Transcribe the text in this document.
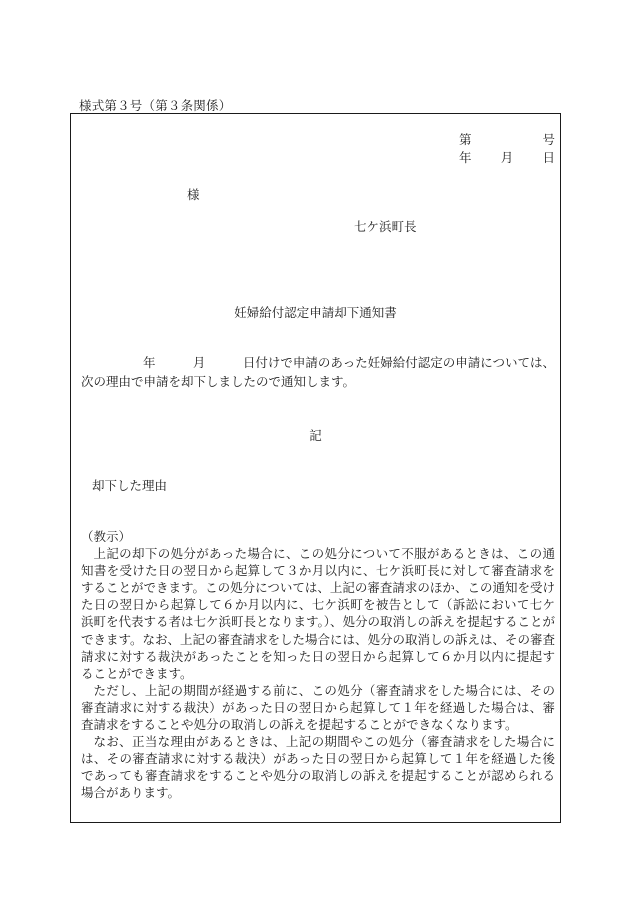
様式第３号（第３条関係）
第	号
年 月 日
様
七ケ浜町長
妊婦給付認定申請却下通知書
年	月	日付けで申請のあった妊婦給付認定の申請については、
次の理由で申請を却下しましたので通知します。
記
却下した理由

（教示）

上記の却下の処分があった場合に、この処分について不服があるときは、この通知書を受けた日の翌日から起算して３か月以内に、七ケ浜町長に対して審査請求をすることができます。この処分については、上記の審査請求のほか、この通知を受けた日の翌日から起算して６か月以内に、七ケ浜町を被告として（訴訟において七ケ浜町を代表する者は七ケ浜町長となります。）、処分の取消しの訴えを提起することができます。なお、上記の審査請求をした場合には、処分の取消しの訴えは、その審査請求に対する裁決があったことを知った日の翌日から起算して６か月以内に提起することができます。

ただし、上記の期間が経過する前に、この処分（審査請求をした場合には、その審査請求に対する裁決）があった日の翌日から起算して１年を経過した場合は、審査請求をすることや処分の取消しの訴えを提起することができなくなります。

なお、正当な理由があるときは、上記の期間やこの処分（審査請求をした場合には、その審査請求に対する裁決）があった日の翌日から起算して１年を経過した後であっても審査請求をすることや処分の取消しの訴えを提起することが認められる場合があります。
